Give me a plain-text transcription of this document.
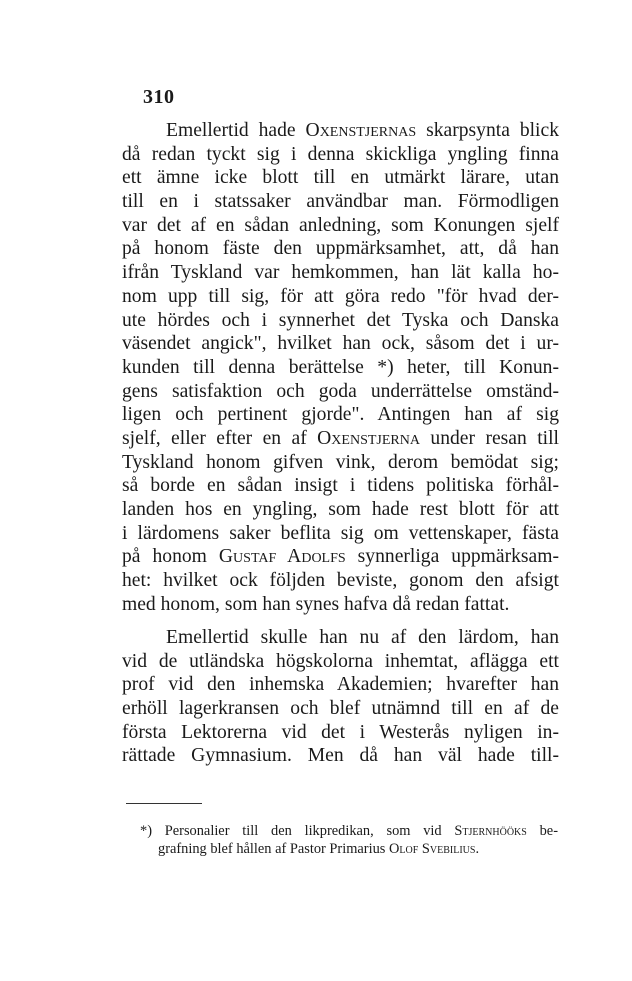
310
Emellertid hade Oxenstjernas skarpsynta blick
då redan tyckt sig i denna skickliga yngling finna
ett ämne icke blott till en utmärkt lärare, utan
till en i statssaker användbar man. Förmodligen
var det af en sådan anledning, som Konungen sjelf
på honom fäste den uppmärksamhet, att, då han
ifrån Tyskland var hemkommen, han lät kalla ho-
nom upp till sig, för att göra redo "för hvad der-
ute hördes och i synnerhet det Tyska och Danska
väsendet angick", hvilket han ock, såsom det i ur-
kunden till denna berättelse *) heter, till Konun-
gens satisfaktion och goda underrättelse omständ-
ligen och pertinent gjorde". Antingen han af sig
sjelf, eller efter en af Oxenstjerna under resan till
Tyskland honom gifven vink, derom bemödat sig;
så borde en sådan insigt i tidens politiska förhål-
landen hos en yngling, som hade rest blott för att
i lärdomens saker beflita sig om vettenskaper, fästa
på honom Gustaf Adolfs synnerliga uppmärksam-
het: hvilket ock följden beviste, gonom den afsigt
med honom, som han synes hafva då redan fattat.
Emellertid skulle han nu af den lärdom, han
vid de utländska högskolorna inhemtat, aflägga ett
prof vid den inhemska Akademien; hvarefter han
erhöll lagerkransen och blef utnämnd till en af de
första Lektorerna vid det i Westerås nyligen in-
rättade Gymnasium. Men då han väl hade till-
*) Personalier till den likpredikan, som vid Stjernhööks be-
grafning blef hållen af Pastor Primarius Olof Svebilius.
